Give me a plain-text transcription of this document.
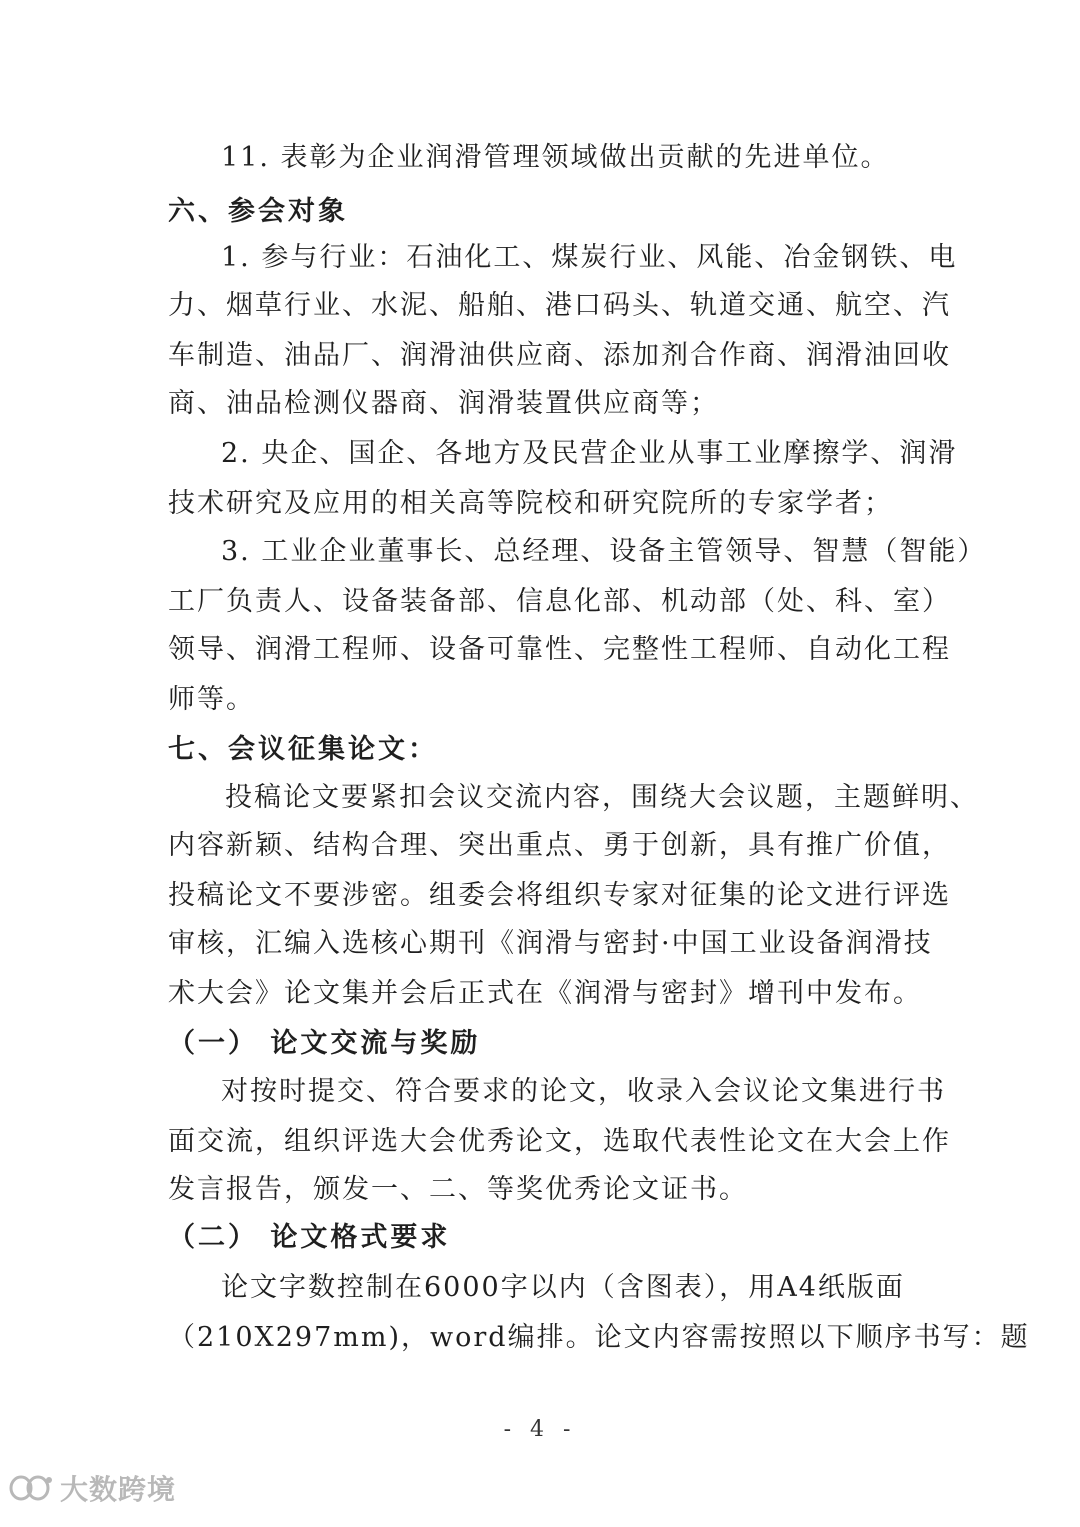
11. 表彰为企业润滑管理领域做出贡献的先进单位。
六、参会对象
1. 参与行业：石油化工、煤炭行业、风能、冶金钢铁、电
力、烟草行业、水泥、船舶、港口码头、轨道交通、航空、汽
车制造、油品厂、润滑油供应商、添加剂合作商、润滑油回收
商、油品检测仪器商、润滑装置供应商等；
2. 央企、国企、各地方及民营企业从事工业摩擦学、润滑
技术研究及应用的相关高等院校和研究院所的专家学者；
3. 工业企业董事长、总经理、设备主管领导、智慧（智能）
工厂负责人、设备装备部、信息化部、机动部（处、科、室）
领导、润滑工程师、设备可靠性、完整性工程师、自动化工程
师等。
七、会议征集论文：
投稿论文要紧扣会议交流内容，围绕大会议题，主题鲜明、
内容新颖、结构合理、突出重点、勇于创新，具有推广价值，
投稿论文不要涉密。组委会将组织专家对征集的论文进行评选
审核，汇编入选核心期刊《润滑与密封·中国工业设备润滑技
术大会》论文集并会后正式在《润滑与密封》增刊中发布。
（一） 论文交流与奖励
对按时提交、符合要求的论文，收录入会议论文集进行书
面交流，组织评选大会优秀论文，选取代表性论文在大会上作
发言报告，颁发一、二、等奖优秀论文证书。
（二） 论文格式要求
论文字数控制在6000字以内（含图表），用A4纸版面
（210X297mm)，word编排。论文内容需按照以下顺序书写：题
- 4 -
大数跨境
